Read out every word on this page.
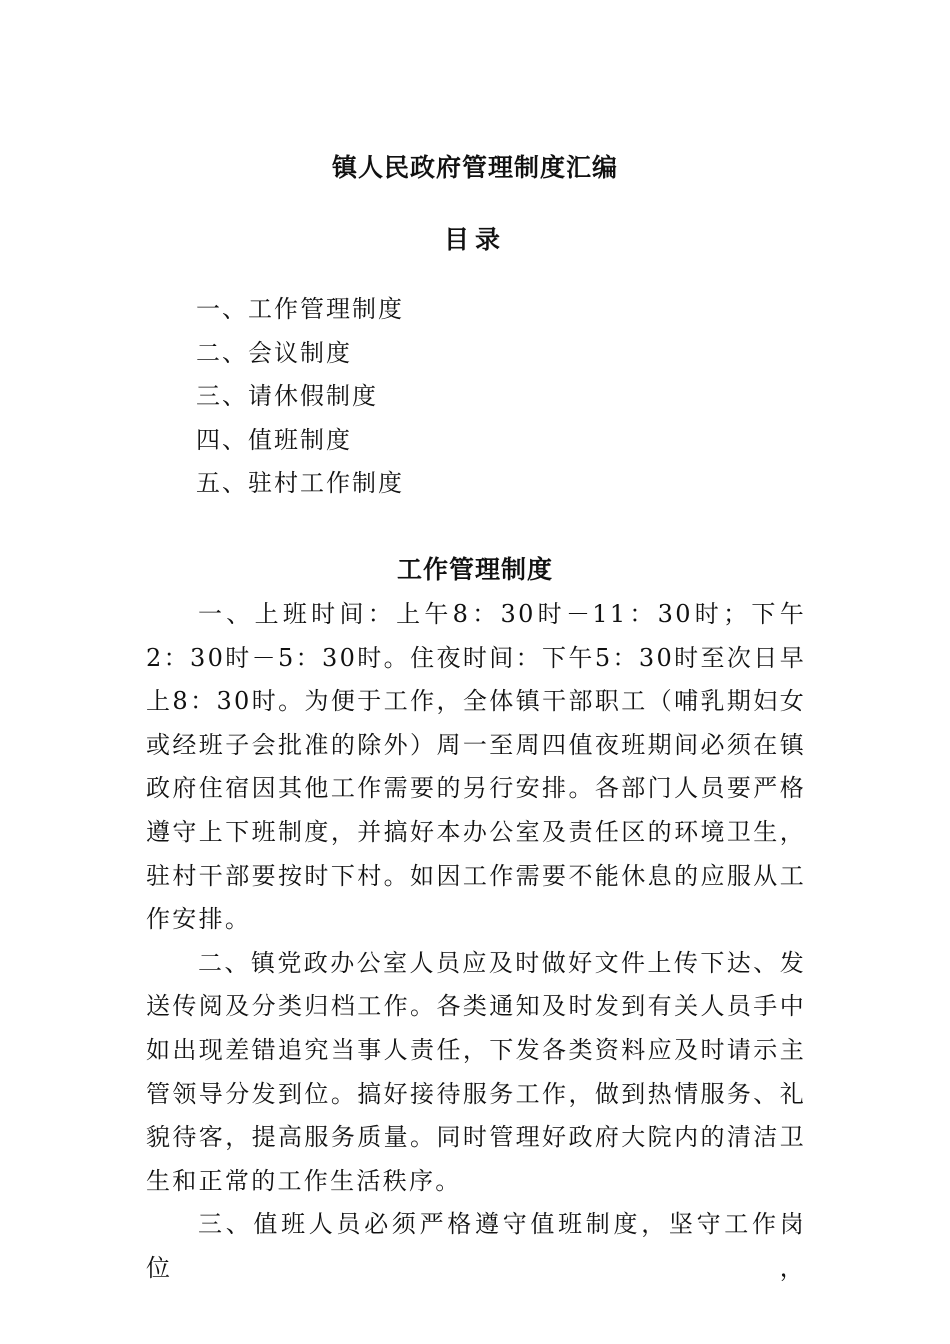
镇人民政府管理制度汇编
目录
一、工作管理制度
二、会议制度
三、请休假制度
四、值班制度
五、驻村工作制度
工作管理制度

一、上班时间：上午8：30时－11：30时；下午2：30时－5：30时。住夜时间：下午5：30时至次日早上8：30时。为便于工作，全体镇干部职工（哺乳期妇女或经班子会批准的除外）周一至周四值夜班期间必须在镇政府住宿因其他工作需要的另行安排。各部门人员要严格遵守上下班制度，并搞好本办公室及责任区的环境卫生，驻村干部要按时下村。如因工作需要不能休息的应服从工作安排。

二、镇党政办公室人员应及时做好文件上传下达、发送传阅及分类归档工作。各类通知及时发到有关人员手中如出现差错追究当事人责任，下发各类资料应及时请示主管领导分发到位。搞好接待服务工作，做到热情服务、礼貌待客，提高服务质量。同时管理好政府大院内的清洁卫生和正常的工作生活秩序。

三、值班人员必须严格遵守值班制度，坚守工作岗位，
